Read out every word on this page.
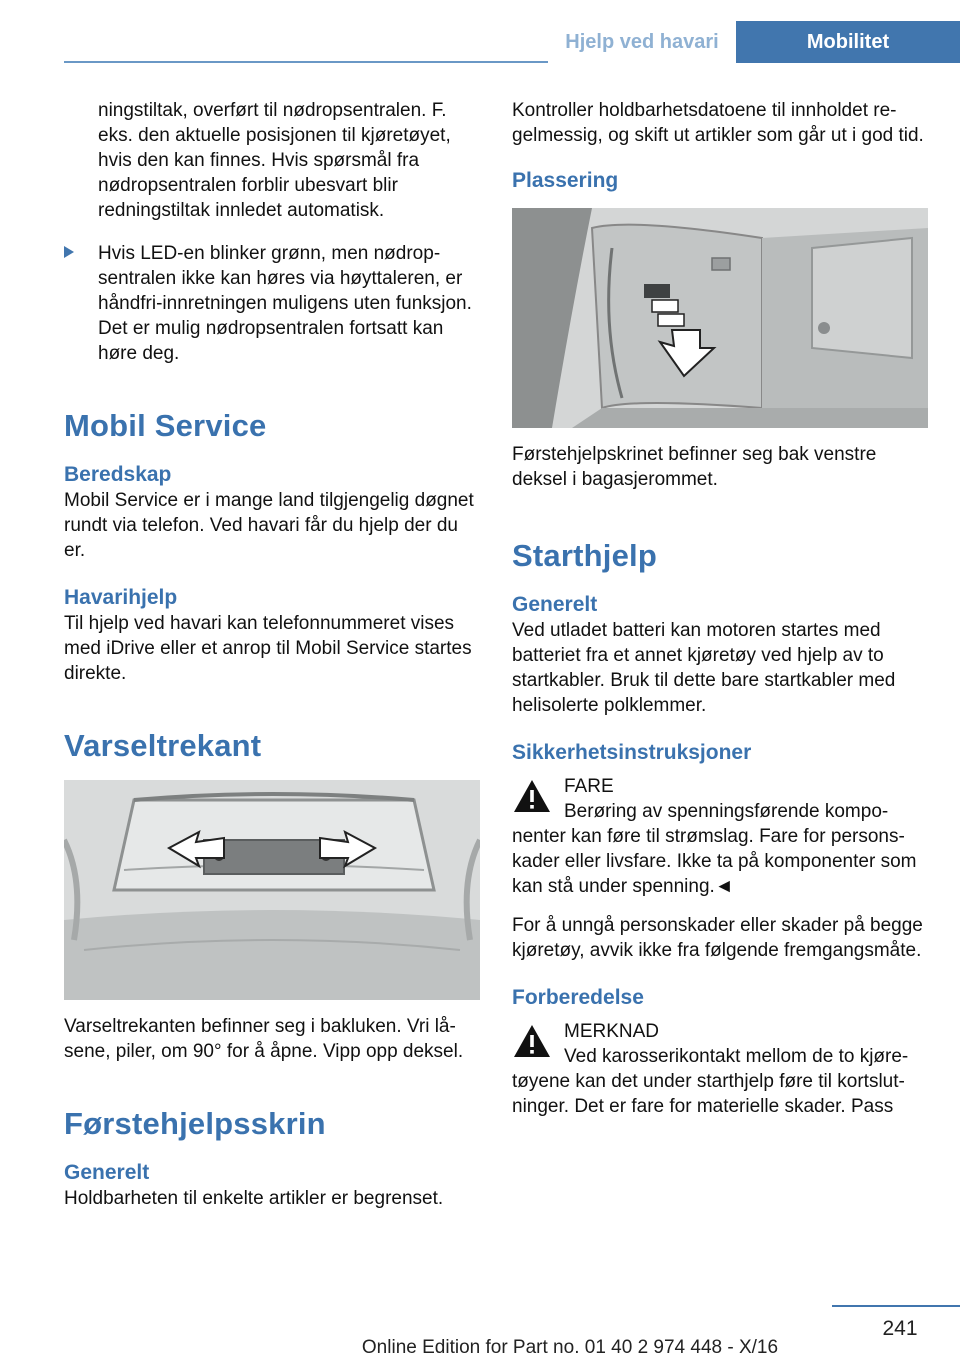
Hjelp ved havari	Mobilitet

ningstiltak, overført til nødropsentralen. F. eks. den aktuelle posisjonen til kjøretøyet, hvis den kan finnes. Hvis spørsmål fra nødropsentralen forblir ubesvart blir redningstiltak innledet automatisk.

Hvis LED-en blinker grønn, men nødropsentralen ikke kan høres via høyttaleren, er håndfri-innretningen muligens uten funksjon. Det er mulig nødropsentralen fortsatt kan høre deg.

Mobil Service
Beredskap

Mobil Service er i mange land tilgjengelig døgnet rundt via telefon. Ved havari får du hjelp der du er.

Havarihjelp

Til hjelp ved havari kan telefonnummeret vises med iDrive eller et anrop til Mobil Service startes direkte.

Varseltrekant

Varseltrekanten befinner seg i bakluken. Vri låsene, piler, om 90° for å åpne. Vipp opp deksel.

Førstehjelpsskrin
Generelt

Holdbarheten til enkelte artikler er begrenset.

Kontroller holdbarhetsdatoene til innholdet regelmessig, og skift ut artikler som går ut i god tid.

Plassering

Førstehjelpskrinet befinner seg bak venstre deksel i bagasjerommet.

Starthjelp
Generelt

Ved utladet batteri kan motoren startes med batteriet fra et annet kjøretøy ved hjelp av to startkabler. Bruk til dette bare startkabler med helisolerte polklemmer.

Sikkerhetsinstruksjoner
FARE

Berøring av spenningsførende komponenter kan føre til strømslag. Fare for personskader eller livsfare. Ikke ta på komponenter som kan stå under spenning.◄

For å unngå personskader eller skader på begge kjøretøy, avvik ikke fra følgende fremgangsmåte.

Forberedelse
MERKNAD

Ved karosserikontakt mellom de to kjøretøyene kan det under starthjelp føre til kortslutninger. Det er fare for materielle skader. Pass

241
Online Edition for Part no. 01 40 2 974 448 - X/16
